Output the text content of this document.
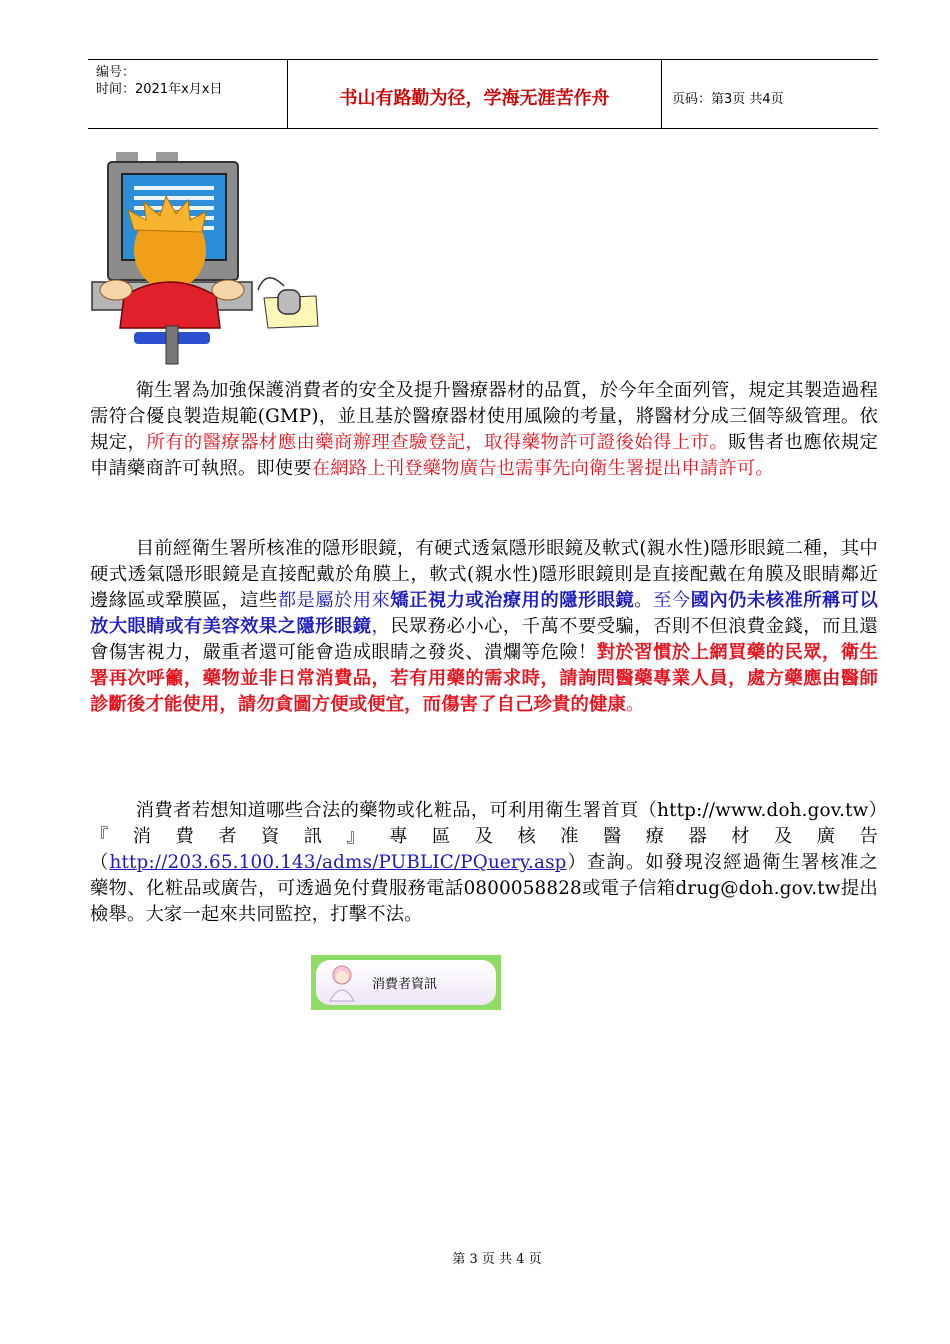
编号：
时间：2021年x月x日	书山有路勤为径，学海无涯苦作舟	页码：第3页 共4页
衛生署為加強保護消費者的安全及提升醫療器材的品質，於今年全面列管，規定其製造過程需符合優良製造規範(GMP)，並且基於醫療器材使用風險的考量，將醫材分成三個等級管理。依規定，所有的醫療器材應由藥商辦理查驗登記，取得藥物許可證後始得上市。販售者也應依規定申請藥商許可執照。即使要在網路上刊登藥物廣告也需事先向衛生署提出申請許可。
目前經衛生署所核准的隱形眼鏡，有硬式透氣隱形眼鏡及軟式(親水性)隱形眼鏡二種，其中硬式透氣隱形眼鏡是直接配戴於角膜上，軟式(親水性)隱形眼鏡則是直接配戴在角膜及眼睛鄰近邊緣區或鞏膜區，這些都是屬於用來矯正視力或治療用的隱形眼鏡。至今國內仍未核准所稱可以放大眼睛或有美容效果之隱形眼鏡，民眾務必小心，千萬不要受騙，否則不但浪費金錢，而且還會傷害視力，嚴重者還可能會造成眼睛之發炎、潰爛等危險！對於習慣於上網買藥的民眾，衛生署再次呼籲，藥物並非日常消費品，若有用藥的需求時，請詢問醫藥專業人員，處方藥應由醫師診斷後才能使用，請勿貪圖方便或便宜，而傷害了自己珍貴的健康。
消費者若想知道哪些合法的藥物或化粧品，可利用衛生署首頁（http://www.doh.gov.tw）『消費者資訊』專區及核准醫療器材及廣告（http://203.65.100.143/adms/PUBLIC/PQuery.asp）查詢。如發現沒經過衛生署核准之藥物、化粧品或廣告，可透過免付費服務電話0800058828或電子信箱drug@doh.gov.tw提出檢舉。大家一起來共同監控，打擊不法。
消費者資訊
第 3 页 共 4 页
